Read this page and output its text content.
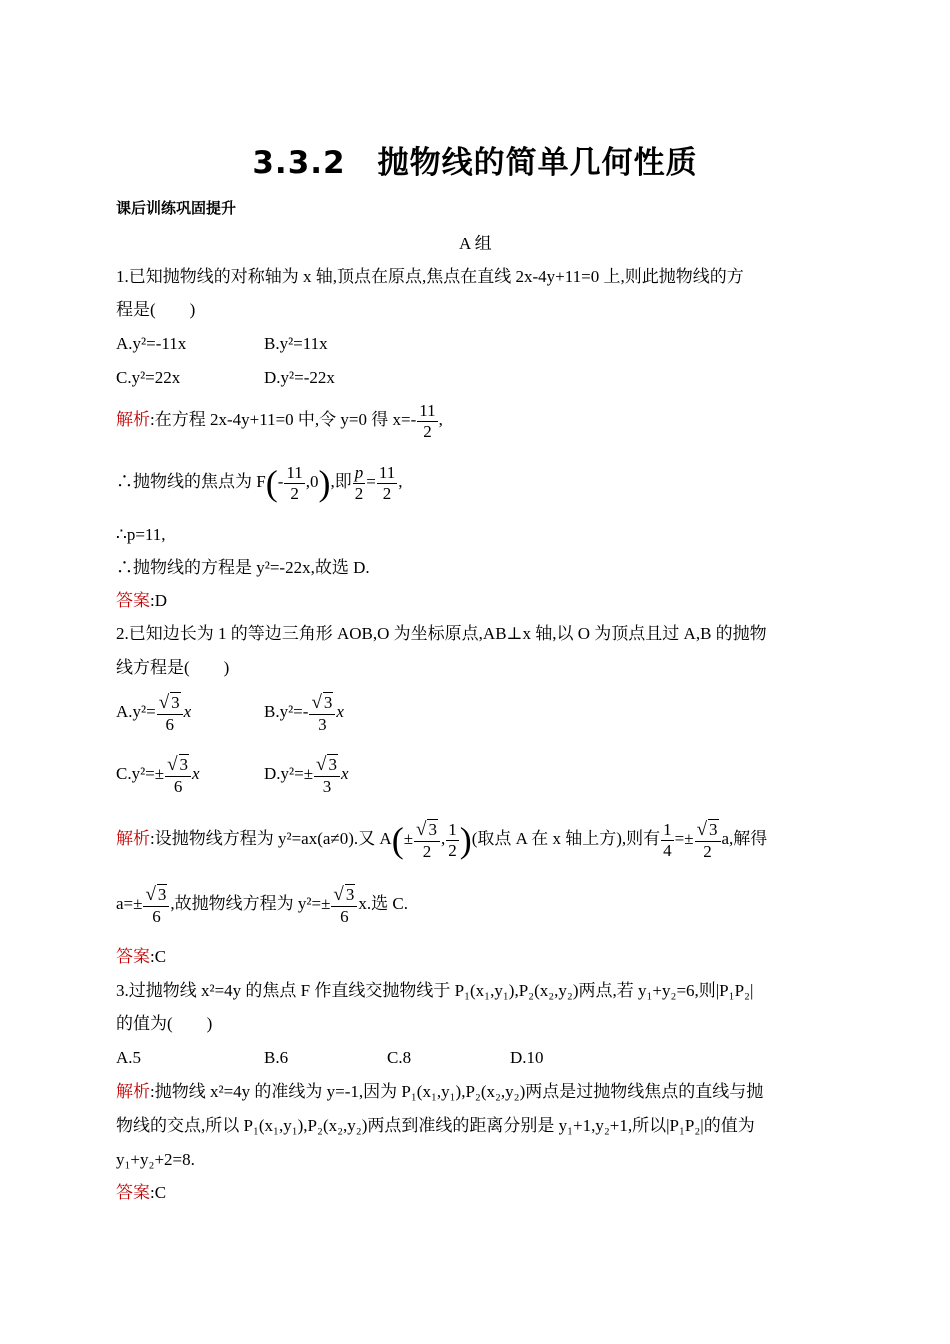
3.3.2　抛物线的简单几何性质
课后训练巩固提升
A 组
1.已知抛物线的对称轴为 x 轴,顶点在原点,焦点在直线 2x-4y+11=0 上,则此抛物线的方
程是(　　)
A.y²=-11x	B.y²=11x
C.y²=22x	D.y²=-22x
解析:在方程 2x-4y+11=0 中,令 y=0 得 $x=- \frac{11}{2}$ ,
∴抛物线的焦点为 $F(- \frac{11}{2} ,0)$,即 $\frac{p}{2} = \frac{11}{2}$ ,
∴p=11,
∴抛物线的方程是 y²=-22x,故选 D.
答案:D
2.已知边长为 1 的等边三角形 AOB,O 为坐标原点,AB⊥x 轴,以 O 为顶点且过 A,B 的抛物
线方程是(　　)
$A.y^2= \frac{√ 3}{6}$ x	$B.y^2=- \frac{√ 3}{3}$ x
$C.y^2=\pm \frac{√ 3}{6}$ x	$D.y^2=\pm \frac{√ 3}{3}$ x
解析:设抛物线方程为 y²=ax(a≠0).又 $A(\pm \frac{√ 3}{2}$ , $\frac{1}{2}$ )(取点 A 在 x 轴上方),则有 $\frac{1}{4} =\pm \frac{√ 3}{2} a$,解得
$a=\pm \frac{√ 3}{6}$ ,故抛物线方程为 $y^2=\pm \frac{√ 3}{6} x$.选 C.
答案:C
3.过抛物线 x²=4y 的焦点 F 作直线交抛物线于 P₁(x₁,y₁),P₂(x₂,y₂)两点,若 y₁+y₂=6,则|P₁P₂|
的值为(　　)
A.5	B.6	C.8	D.10
解析:抛物线 x²=4y 的准线为 y=-1,因为 P₁(x₁,y₁),P₂(x₂,y₂)两点是过抛物线焦点的直线与抛
物线的交点,所以 P₁(x₁,y₁),P₂(x₂,y₂)两点到准线的距离分别是 y₁+1,y₂+1,所以|P₁P₂|的值为
y₁+y₂+2=8.
答案:C
